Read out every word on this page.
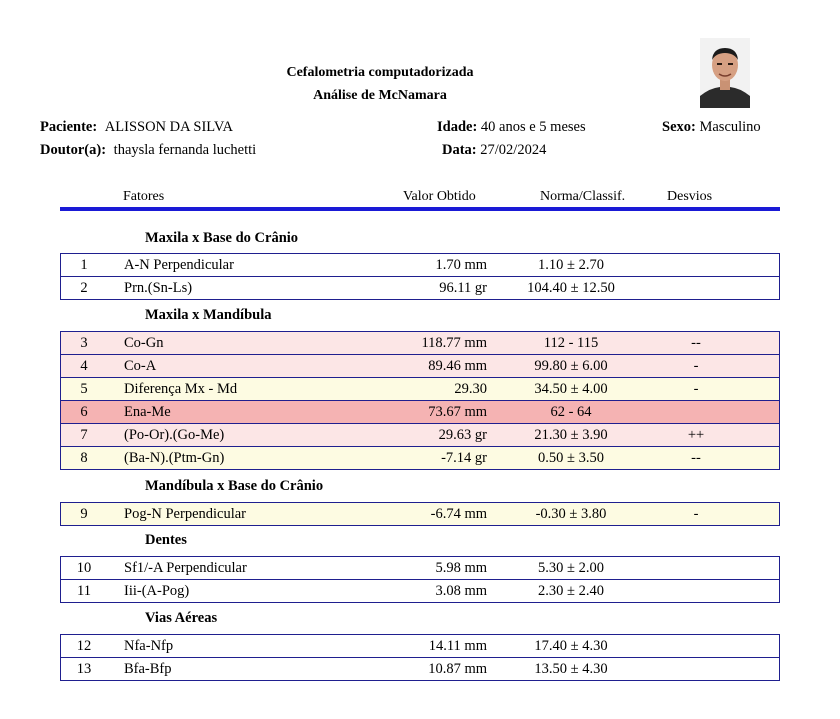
Cefalometria computadorizada
Análise de McNamara
Paciente: ALISSON DA SILVA	Idade: 40 anos e 5 meses	Sexo: Masculino
Doutor(a): thaysla fernanda luchetti	Data: 27/02/2024
Fatores	Valor Obtido	Norma/Classif.	Desvios
Maxila x Base do Crânio
1	A-N Perpendicular	1.70 mm	1.10 ± 2.70
2	Prn.(Sn-Ls)	96.11 gr	104.40 ± 12.50
Maxila x Mandíbula
3	Co-Gn	118.77 mm	112 - 115	--
4	Co-A	89.46 mm	99.80 ± 6.00	-
5	Diferença Mx - Md	29.30	34.50 ± 4.00	-
6	Ena-Me	73.67 mm	62 - 64
7	(Po-Or).(Go-Me)	29.63 gr	21.30 ± 3.90	++
8	(Ba-N).(Ptm-Gn)	-7.14 gr	0.50 ± 3.50	--
Mandíbula x Base do Crânio
9	Pog-N Perpendicular	-6.74 mm	-0.30 ± 3.80	-
Dentes
10	Sf1/-A Perpendicular	5.98 mm	5.30 ± 2.00
11	Iii-(A-Pog)	3.08 mm	2.30 ± 2.40
Vias Aéreas
12	Nfa-Nfp	14.11 mm	17.40 ± 4.30
13	Bfa-Bfp	10.87 mm	13.50 ± 4.30
